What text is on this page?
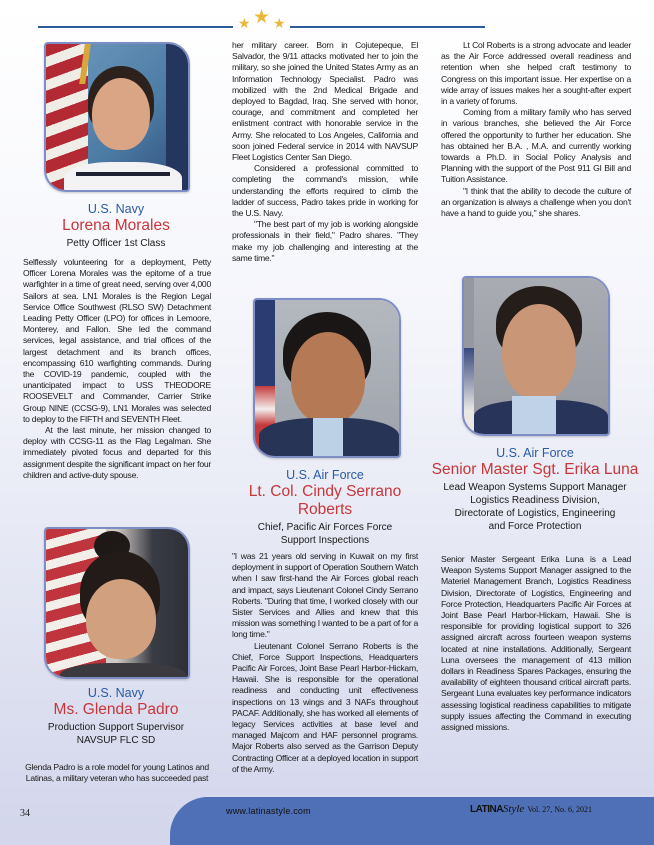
★ ★ ★
U.S. Navy
Lorena Morales
Petty Officer 1st Class

Selflessly volunteering for a deployment, Petty Officer Lorena Morales was the epitome of a true warfighter in a time of great need, serving over 4,000 Sailors at sea. LN1 Morales is the Region Legal Service Office Southwest (RLSO SW) Detachment Leading Petty Officer (LPO) for offices in Lemoore, Monterey, and Fallon. She led the command services, legal assistance, and trial offices of the largest detachment and its branch offices, encompassing 610 warfighting commands. During the COVID-19 pandemic, coupled with the unanticipated impact to USS THEODORE ROOSEVELT and Commander, Carrier Strike Group NINE (CCSG-9), LN1 Morales was selected to deploy to the FIFTH and SEVENTH Fleet.

At the last minute, her mission changed to deploy with CCSG-11 as the Flag Legalman. She immediately pivoted focus and departed for this assignment despite the significant impact on her four children and active-duty spouse.

U.S. Navy
Ms. Glenda Padro
Production Support Supervisor
NAVSUP FLC SD

Glenda Padro is a role model for young Latinos and Latinas, a military veteran who has succeeded past

her military career. Born in Cojutepeque, El Salvador, the 9/11 attacks motivated her to join the military, so she joined the United States Army as an Information Technology Specialist. Padro was mobilized with the 2nd Medical Brigade and deployed to Bagdad, Iraq. She served with honor, courage, and commitment and completed her enlistment contract with honorable service in the Army. She relocated to Los Angeles, California and soon joined Federal service in 2014 with NAVSUP Fleet Logistics Center San Diego.

Considered a professional committed to completing the command's mission, while understanding the efforts required to climb the ladder of success, Padro takes pride in working for the U.S. Navy.

"The best part of my job is working alongside professionals in their field," Padro shares. "They make my job challenging and interesting at the same time."

U.S. Air Force
Lt. Col. Cindy Serrano Roberts
Chief, Pacific Air Forces Force
Support Inspections

"I was 21 years old serving in Kuwait on my first deployment in support of Operation Southern Watch when I saw first-hand the Air Forces global reach and impact, says Lieutenant Colonel Cindy Serrano Roberts. "During that time, I worked closely with our Sister Services and Allies and knew that this mission was something I wanted to be a part of for a long time."

Lieutenant Colonel Serrano Roberts is the Chief, Force Support Inspections, Headquarters Pacific Air Forces, Joint Base Pearl Harbor-Hickam, Hawaii. She is responsible for the operational readiness and conducting unit effectiveness inspections on 13 wings and 3 NAFs throughout PACAF. Additionally, she has worked all elements of legacy Services activities at base level and managed Majcom and HAF personnel programs. Major Roberts also served as the Garrison Deputy Contracting Officer at a deployed location in support of the Army.

Lt Col Roberts is a strong advocate and leader as the Air Force addressed overall readiness and retention when she helped craft testimony to Congress on this important issue. Her expertise on a wide array of issues makes her a sought-after expert in a variety of forums.

Coming from a military family who has served in various branches, she believed the Air Force offered the opportunity to further her education. She has obtained her B.A. , M.A. and currently working towards a Ph.D. in Social Policy Analysis and Planning with the support of the Post 911 GI Bill and Tuition Assistance.

"I think that the ability to decode the culture of an organization is always a challenge when you don't have a hand to guide you," she shares.

U.S. Air Force
Senior Master Sgt. Erika Luna
Lead Weapon Systems Support Manager
Logistics Readiness Division,
Directorate of Logistics, Engineering
and Force Protection

Senior Master Sergeant Erika Luna is a Lead Weapon Systems Support Manager assigned to the Materiel Management Branch, Logistics Readiness Division, Directorate of Logistics, Engineering and Force Protection, Headquarters Pacific Air Forces at Joint Base Pearl Harbor-Hickam, Hawaii. She is responsible for providing logistical support to 326 assigned aircraft across fourteen weapon systems located at nine installations. Additionally, Sergeant Luna oversees the management of 413 million dollars in Readiness Spares Packages, ensuring the availability of eighteen thousand critical aircraft parts. Sergeant Luna evaluates key performance indicators assessing logistical readiness capabilities to mitigate supply issues affecting the Command in executing assigned missions.

34	www.latinastyle.com	LATINAStyle Vol. 27, No. 6, 2021
